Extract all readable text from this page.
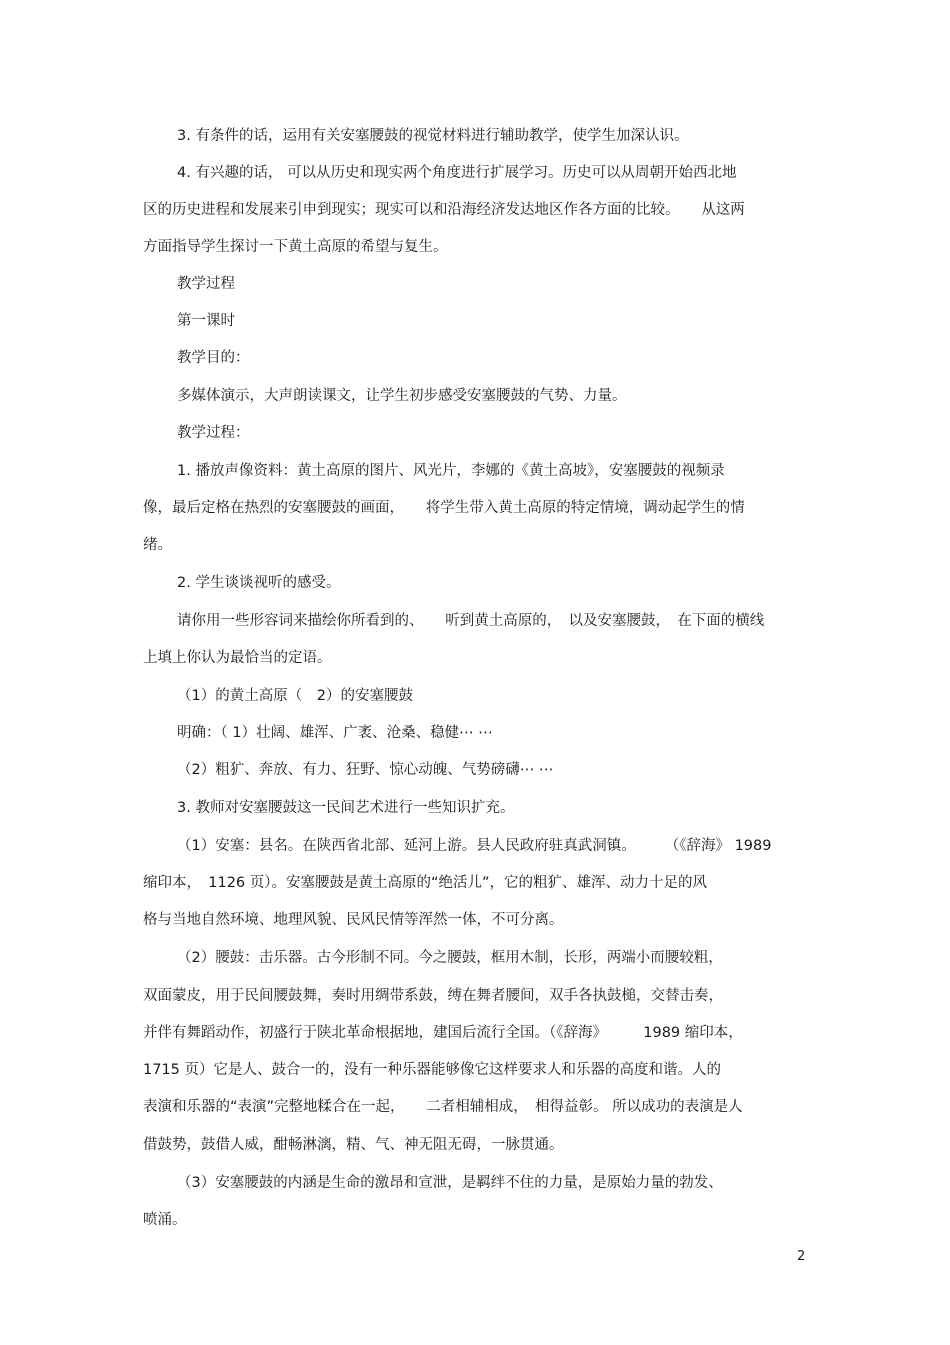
3. 有条件的话，运用有关安塞腰鼓的视觉材料进行辅助教学，使学生加深认识。
4. 有兴趣的话， 可以从历史和现实两个角度进行扩展学习。历史可以从周朝开始西北地
区的历史进程和发展来引申到现实；现实可以和沿海经济发达地区作各方面的比较。　　从这两
方面指导学生探讨一下黄土高原的希望与复生。
教学过程
第一课时
教学目的：
多媒体演示，大声朗读课文，让学生初步感受安塞腰鼓的气势、力量。
教学过程：
1. 播放声像资料：黄土高原的图片、风光片，李娜的《黄土高坡》，安塞腰鼓的视频录
像，最后定格在热烈的安塞腰鼓的画面，　　将学生带入黄土高原的特定情境，调动起学生的情
绪。
2. 学生谈谈视听的感受。
请你用一些形容词来描绘你所看到的、　　听到黄土高原的，　以及安塞腰鼓，　在下面的横线
上填上你认为最恰当的定语。
（1）的黄土高原（　2）的安塞腰鼓
明确：（ 1）壮阔、雄浑、广袤、沧桑、稳健⋯ ⋯
（2）粗犷、奔放、有力、狂野、惊心动魄、气势磅礴⋯ ⋯
3. 教师对安塞腰鼓这一民间艺术进行一些知识扩充。
（1）安塞：县名。在陕西省北部、延河上游。县人民政府驻真武洞镇。　　　（《辞海》 1989
缩印本，　1126 页）。安塞腰鼓是黄土高原的“绝活儿”，它的粗犷、雄浑、动力十足的风
格与当地自然环境、地理风貌、民风民情等浑然一体，不可分离。
（2）腰鼓：击乐器。古今形制不同。今之腰鼓，框用木制，长形，两端小而腰较粗，
双面蒙皮，用于民间腰鼓舞，奏时用绸带系鼓，缚在舞者腰间，双手各执鼓槌，交替击奏，
并伴有舞蹈动作，初盛行于陕北革命根据地，建国后流行全国。（《辞海》　　　1989 缩印本，
1715 页）它是人、鼓合一的，没有一种乐器能够像它这样要求人和乐器的高度和谐。人的
表演和乐器的“表演”完整地糅合在一起，　　二者相辅相成，　相得益彰。 所以成功的表演是人
借鼓势，鼓借人威，酣畅淋漓，精、气、神无阻无碍，一脉贯通。
（3）安塞腰鼓的内涵是生命的激昂和宣泄，是羁绊不住的力量，是原始力量的勃发、
喷涌。
2
